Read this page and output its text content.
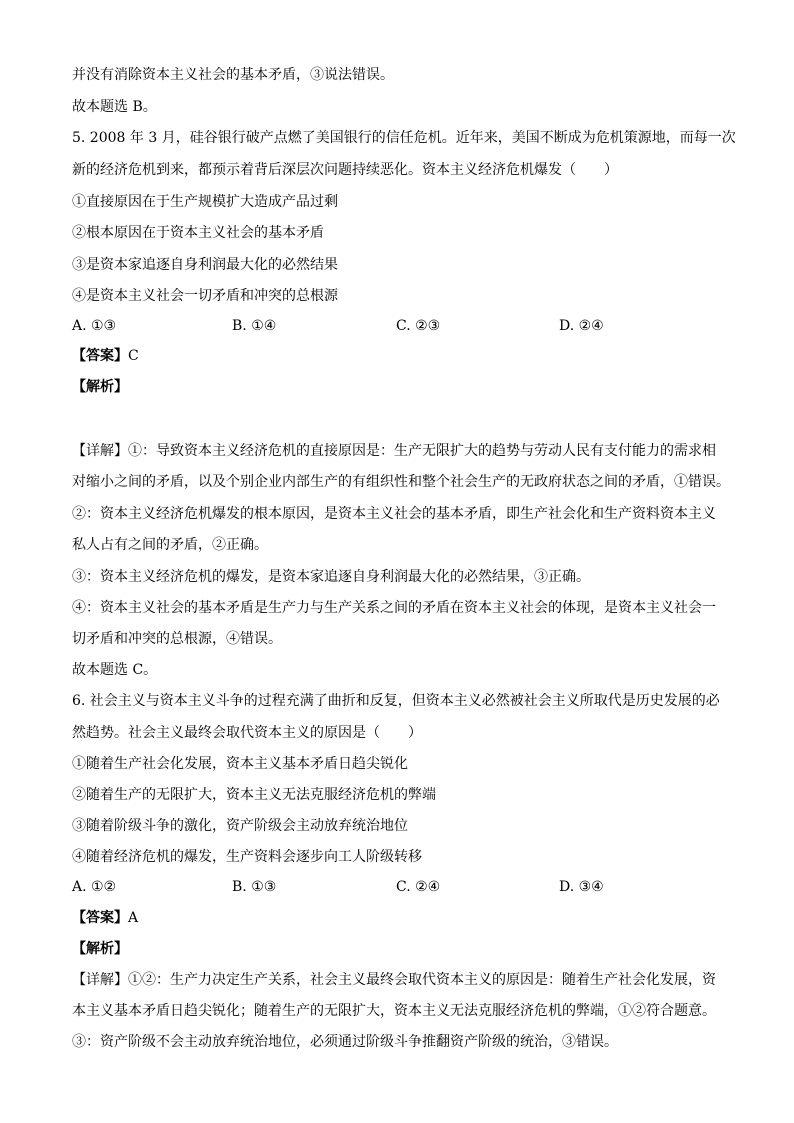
并没有消除资本主义社会的基本矛盾，③说法错误。
故本题选 B。
5. 2008 年 3 月，硅谷银行破产点燃了美国银行的信任危机。近年来，美国不断成为危机策源地，而每一次
新的经济危机到来，都预示着背后深层次问题持续恶化。资本主义经济危机爆发（　　）
①直接原因在于生产规模扩大造成产品过剩
②根本原因在于资本主义社会的基本矛盾
③是资本家追逐自身利润最大化的必然结果
④是资本主义社会一切矛盾和冲突的总根源
A. ①③	B. ①④	C. ②③	D. ②④
【答案】C
【解析】
【详解】①：导致资本主义经济危机的直接原因是：生产无限扩大的趋势与劳动人民有支付能力的需求相
对缩小之间的矛盾，以及个别企业内部生产的有组织性和整个社会生产的无政府状态之间的矛盾，①错误。
②：资本主义经济危机爆发的根本原因，是资本主义社会的基本矛盾，即生产社会化和生产资料资本主义
私人占有之间的矛盾，②正确。
③：资本主义经济危机的爆发，是资本家追逐自身利润最大化的必然结果，③正确。
④：资本主义社会的基本矛盾是生产力与生产关系之间的矛盾在资本主义社会的体现，是资本主义社会一
切矛盾和冲突的总根源，④错误。
故本题选 C。
6. 社会主义与资本主义斗争的过程充满了曲折和反复，但资本主义必然被社会主义所取代是历史发展的必
然趋势。社会主义最终会取代资本主义的原因是（　　）
①随着生产社会化发展，资本主义基本矛盾日趋尖锐化
②随着生产的无限扩大，资本主义无法克服经济危机的弊端
③随着阶级斗争的激化，资产阶级会主动放弃统治地位
④随着经济危机的爆发，生产资料会逐步向工人阶级转移
A. ①②	B. ①③	C. ②④	D. ③④
【答案】A
【解析】
【详解】①②：生产力决定生产关系，社会主义最终会取代资本主义的原因是：随着生产社会化发展，资
本主义基本矛盾日趋尖锐化；随着生产的无限扩大，资本主义无法克服经济危机的弊端，①②符合题意。
③：资产阶级不会主动放弃统治地位，必须通过阶级斗争推翻资产阶级的统治，③错误。
